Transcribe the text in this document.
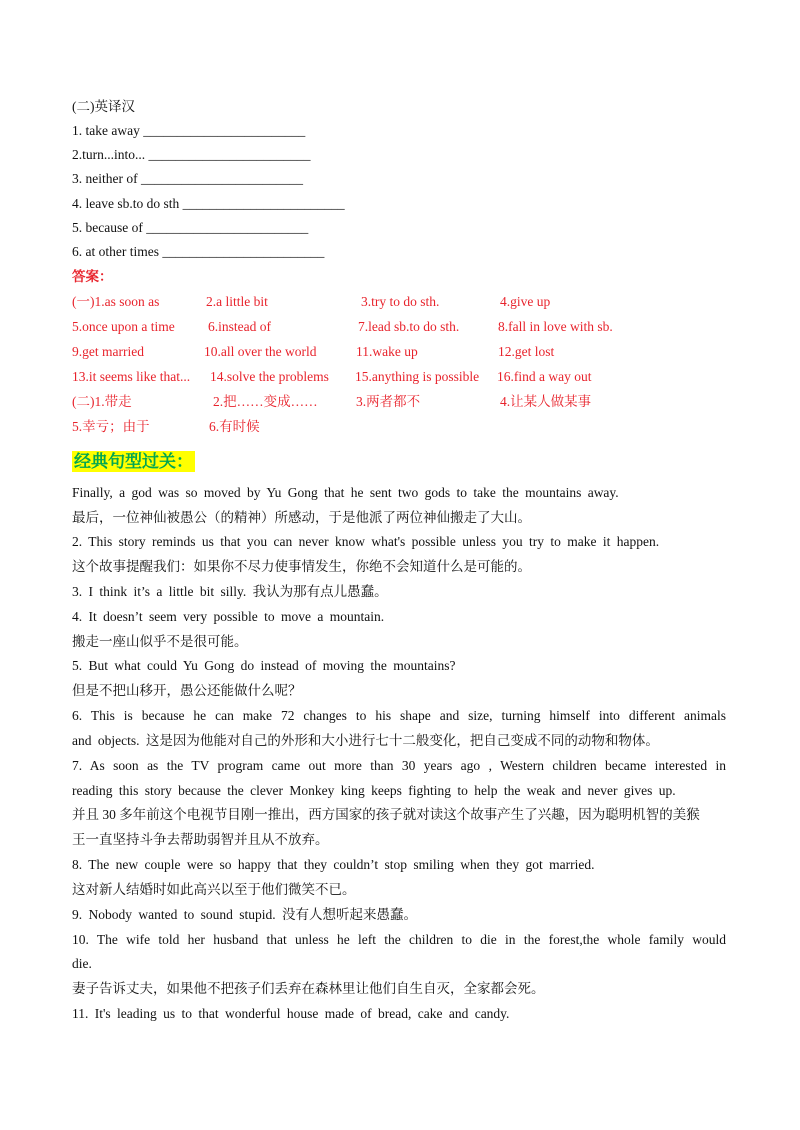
(二)英译汉
1. take away ________________________
2.turn...into... ________________________
3. neither of ________________________
4. leave sb.to do sth ________________________
5. because of ________________________
6. at other times ________________________
答案：
(一)1.as soon as	2.a little bit	3.try to do sth.	4.give up
5.once upon a time 6.instead of	7.lead sb.to do sth.	8.fall in love with sb.
9.get married	10.all over the world	11.wake up	12.get lost
13.it seems like that... 14.solve the problems 15.anything is possible 16.find a way out
(二)1.带走	2.把……变成……	3.两者都不	4.让某人做某事
5.幸亏；由于	6.有时候
经典句型过关：
Finally, a god was so moved by Yu Gong that he sent two gods to take the mountains away.
最后，一位神仙被愚公（的精神）所感动，于是他派了两位神仙搬走了大山。
2. This story reminds us that you can never know what's possible unless you try to make it happen.
这个故事提醒我们：如果你不尽力使事情发生，你绝不会知道什么是可能的。
3. I think it’s a little bit silly. 我认为那有点儿愚蠢。
4. It doesn’t seem very possible to move a mountain.
搬走一座山似乎不是很可能。
5. But what could Yu Gong do instead of moving the mountains?
但是不把山移开，愚公还能做什么呢？
6. This is because he can make 72 changes to his shape and size, turning himself into different animals
and objects. 这是因为他能对自己的外形和大小进行七十二般变化，把自己变成不同的动物和物体。
7. As soon as the TV program came out more than 30 years ago , Western children became interested in
reading this story because the clever Monkey king keeps fighting to help the weak and never gives up.
并且 30 多年前这个电视节目刚一推出，西方国家的孩子就对读这个故事产生了兴趣，因为聪明机智的美猴
王一直坚持斗争去帮助弱智并且从不放弃。
8. The new couple were so happy that they couldn’t stop smiling when they got married.
这对新人结婚时如此高兴以至于他们微笑不已。
9. Nobody wanted to sound stupid. 没有人想听起来愚蠢。
10. The wife told her husband that unless he left the children to die in the forest,the whole family would
die.
妻子告诉丈夫，如果他不把孩子们丢弃在森林里让他们自生自灭，全家都会死。
11. It's leading us to that wonderful house made of bread, cake and candy.
